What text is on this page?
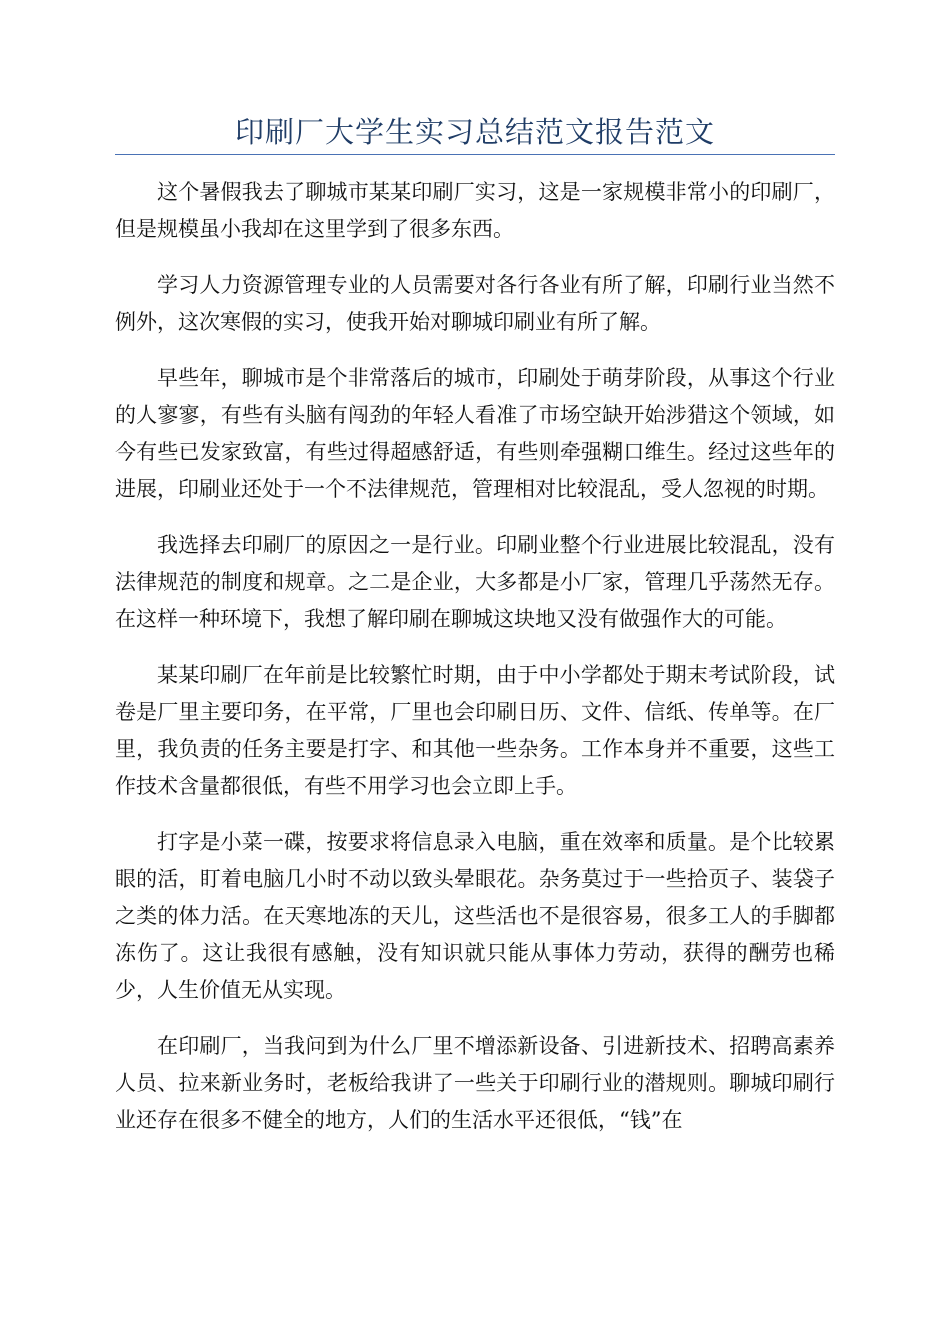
印刷厂大学生实习总结范文报告范文

这个暑假我去了聊城市某某印刷厂实习，这是一家规模非常小的印刷厂，但是规模虽小我却在这里学到了很多东西。

学习人力资源管理专业的人员需要对各行各业有所了解，印刷行业当然不例外，这次寒假的实习，使我开始对聊城印刷业有所了解。

早些年，聊城市是个非常落后的城市，印刷处于萌芽阶段，从事这个行业的人寥寥，有些有头脑有闯劲的年轻人看准了市场空缺开始涉猎这个领域，如今有些已发家致富，有些过得超感舒适，有些则牵强糊口维生。经过这些年的进展，印刷业还处于一个不法律规范，管理相对比较混乱，受人忽视的时期。

我选择去印刷厂的原因之一是行业。印刷业整个行业进展比较混乱，没有法律规范的制度和规章。之二是企业，大多都是小厂家，管理几乎荡然无存。在这样一种环境下，我想了解印刷在聊城这块地又没有做强作大的可能。

某某印刷厂在年前是比较繁忙时期，由于中小学都处于期末考试阶段，试卷是厂里主要印务，在平常，厂里也会印刷日历、文件、信纸、传单等。在厂里，我负责的任务主要是打字、和其他一些杂务。工作本身并不重要，这些工作技术含量都很低，有些不用学习也会立即上手。

打字是小菜一碟，按要求将信息录入电脑，重在效率和质量。是个比较累眼的活，盯着电脑几小时不动以致头晕眼花。杂务莫过于一些拾页子、装袋子之类的体力活。在天寒地冻的天儿，这些活也不是很容易，很多工人的手脚都冻伤了。这让我很有感触，没有知识就只能从事体力劳动，获得的酬劳也稀少，人生价值无从实现。

在印刷厂，当我问到为什么厂里不增添新设备、引进新技术、招聘高素养人员、拉来新业务时，老板给我讲了一些关于印刷行业的潜规则。聊城印刷行业还存在很多不健全的地方，人们的生活水平还很低，“钱”在
